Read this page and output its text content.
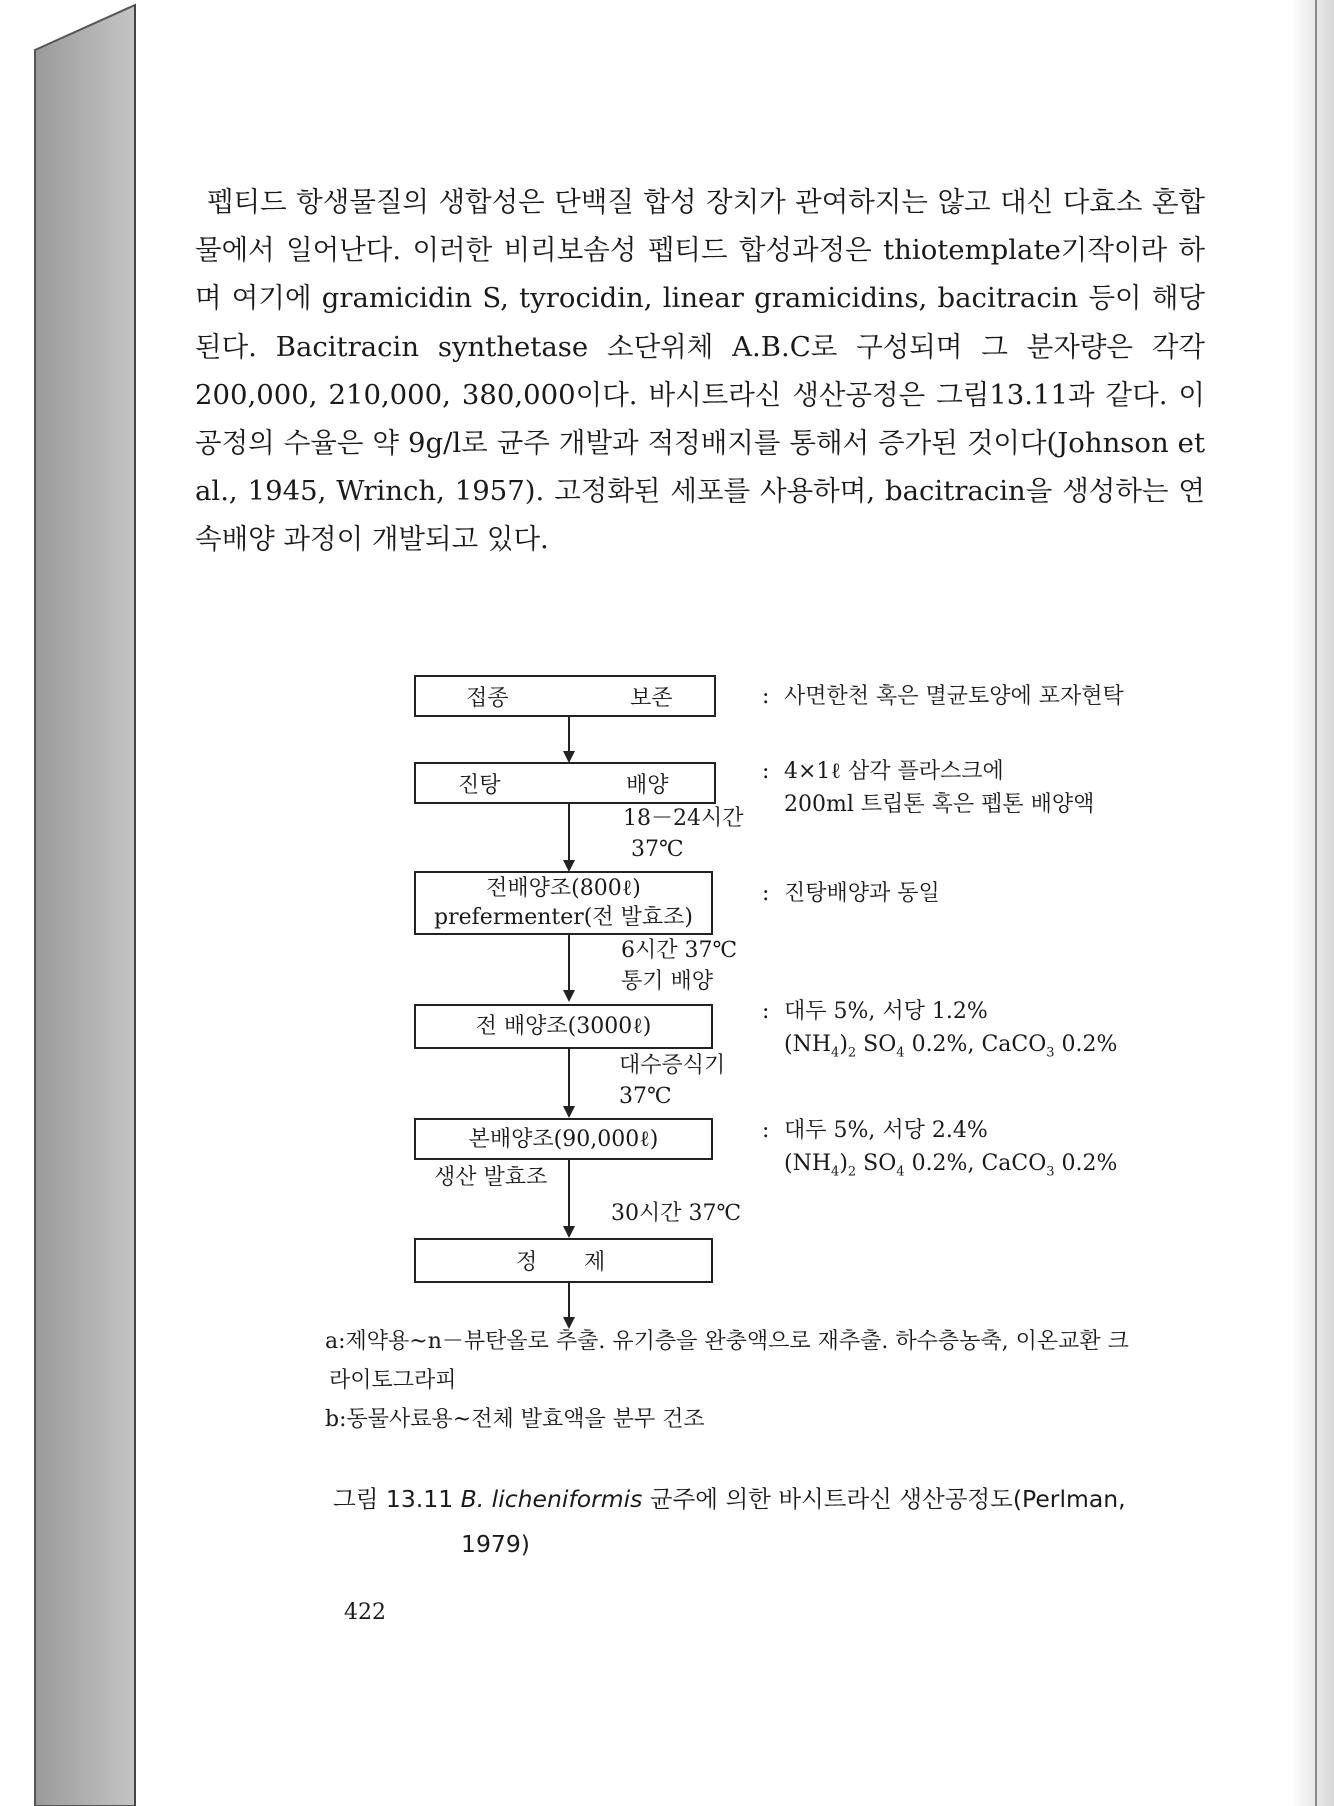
펩티드 항생물질의 생합성은 단백질 합성 장치가 관여하지는 않고 대신 다효소 혼합물에서 일어난다. 이러한 비리보솜성 펩티드 합성과정은 thiotemplate기작이라 하며 여기에 gramicidin S, tyrocidin, linear gramicidins, bacitracin 등이 해당된다. Bacitracin synthetase 소단위체 A.B.C로 구성되며 그 분자량은 각각 200,000, 210,000, 380,000이다. 바시트라신 생산공정은 그림13.11과 같다. 이 공정의 수율은 약 9g/l로 균주 개발과 적정배지를 통해서 증가된 것이다(Johnson et al., 1945, Wrinch, 1957). 고정화된 세포를 사용하며, bacitracin을 생성하는 연속배양 과정이 개발되고 있다.

접종	보존
진탕	배양
18－24시간
37℃
전배양조(800ℓ)
prefermenter(전 발효조)
6시간 37℃
통기 배양
전 배양조(3000ℓ)
대수증식기
37℃
본배양조(90,000ℓ)
생산 발효조
30시간 37℃
정 제
: 사면한천 혹은 멸균토양에 포자현탁
: 4×1ℓ 삼각 플라스크에
200ml 트립톤 혹은 펩톤 배양액
: 진탕배양과 동일
: 대두 5%, 서당 1.2%
$(NH_4)_2$ $SO_4$ 0.2%, CaCO$_3$ 0.2%
: 대두 5%, 서당 2.4%
$(NH_4)_2$ $SO_4$ 0.2%, CaCO$_3$ 0.2%
a:제약용~n－뷰탄올로 추출. 유기층을 완충액으로 재추출. 하수층농축, 이온교환 크
라이토그라피
b:동물사료용~전체 발효액을 분무 건조
그림 13.11 B. licheniformis 균주에 의한 바시트라신 생산공정도(Perlman,
1979)
422
